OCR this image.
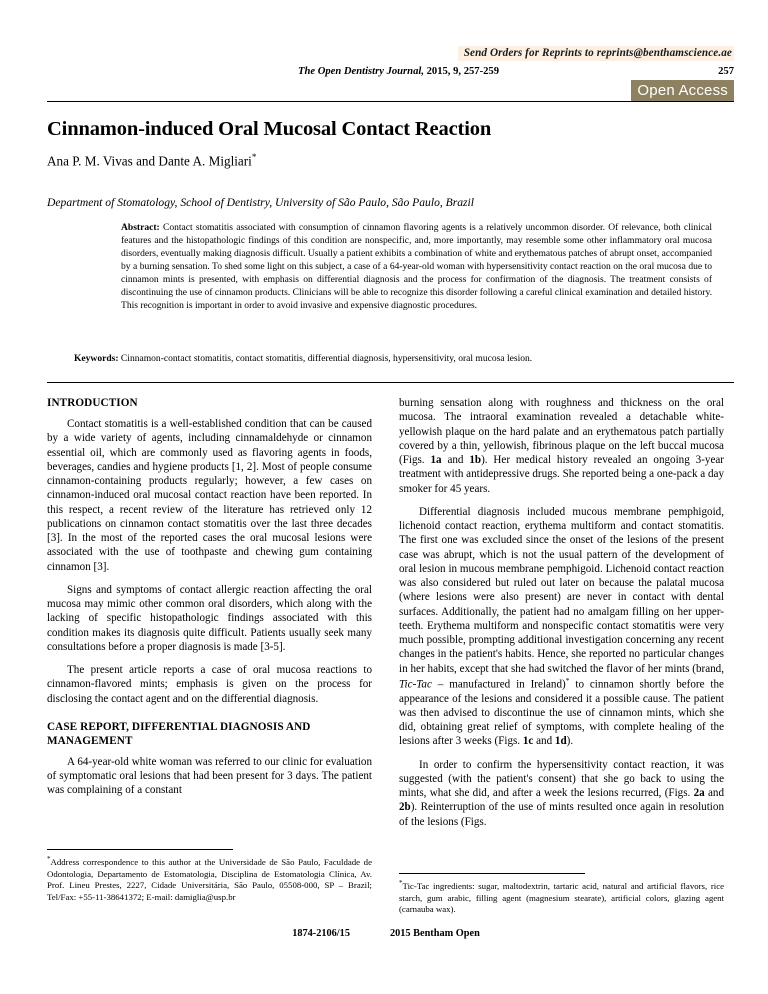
Send Orders for Reprints to reprints@benthamscience.ae
The Open Dentistry Journal, 2015, 9, 257-259	257
Open Access
Cinnamon-induced Oral Mucosal Contact Reaction
Ana P. M. Vivas and Dante A. Migliari*
Department of Stomatology, School of Dentistry, University of São Paulo, São Paulo, Brazil
Abstract: Contact stomatitis associated with consumption of cinnamon flavoring agents is a relatively uncommon disorder. Of relevance, both clinical features and the histopathologic findings of this condition are nonspecific, and, more importantly, may resemble some other inflammatory oral mucosa disorders, eventually making diagnosis difficult. Usually a patient exhibits a combination of white and erythematous patches of abrupt onset, accompanied by a burning sensation. To shed some light on this subject, a case of a 64-year-old woman with hypersensitivity contact reaction on the oral mucosa due to cinnamon mints is presented, with emphasis on differential diagnosis and the process for confirmation of the diagnosis. The treatment consists of discontinuing the use of cinnamon products. Clinicians will be able to recognize this disorder following a careful clinical examination and detailed history. This recognition is important in order to avoid invasive and expensive diagnostic procedures.
Keywords: Cinnamon-contact stomatitis, contact stomatitis, differential diagnosis, hypersensitivity, oral mucosa lesion.
INTRODUCTION

Contact stomatitis is a well-established condition that can be caused by a wide variety of agents, including cinnamaldehyde or cinnamon essential oil, which are commonly used as flavoring agents in foods, beverages, candies and hygiene products [1, 2]. Most of people consume cinnamon-containing products regularly; however, a few cases on cinnamon-induced oral mucosal contact reaction have been reported. In this respect, a recent review of the literature has retrieved only 12 publications on cinnamon contact stomatitis over the last three decades [3]. In the most of the reported cases the oral mucosal lesions were associated with the use of toothpaste and chewing gum containing cinnamon [3].

Signs and symptoms of contact allergic reaction affecting the oral mucosa may mimic other common oral disorders, which along with the lacking of specific histopathologic findings associated with this condition makes its diagnosis quite difficult. Patients usually seek many consultations before a proper diagnosis is made [3-5].

The present article reports a case of oral mucosa reactions to cinnamon-flavored mints; emphasis is given on the process for disclosing the contact agent and on the differential diagnosis.

CASE REPORT, DIFFERENTIAL DIAGNOSIS AND MANAGEMENT

A 64-year-old white woman was referred to our clinic for evaluation of symptomatic oral lesions that had been present for 3 days. The patient was complaining of a constant

burning sensation along with roughness and thickness on the oral mucosa. The intraoral examination revealed a detachable white-yellowish plaque on the hard palate and an erythematous patch partially covered by a thin, yellowish, fibrinous plaque on the left buccal mucosa (Figs. 1a and 1b). Her medical history revealed an ongoing 3-year treatment with antidepressive drugs. She reported being a one-pack a day smoker for 45 years.

Differential diagnosis included mucous membrane pemphigoid, lichenoid contact reaction, erythema multiform and contact stomatitis. The first one was excluded since the onset of the lesions of the present case was abrupt, which is not the usual pattern of the development of oral lesion in mucous membrane pemphigoid. Lichenoid contact reaction was also considered but ruled out later on because the palatal mucosa (where lesions were also present) are never in contact with dental surfaces. Additionally, the patient had no amalgam filling on her upper-teeth. Erythema multiform and nonspecific contact stomatitis were very much possible, prompting additional investigation concerning any recent changes in the patient's habits. Hence, she reported no particular changes in her habits, except that she had switched the flavor of her mints (brand, Tic-Tac – manufactured in Ireland)* to cinnamon shortly before the appearance of the lesions and considered it a possible cause. The patient was then advised to discontinue the use of cinnamon mints, which she did, obtaining great relief of symptoms, with complete healing of the lesions after 3 weeks (Figs. 1c and 1d).

In order to confirm the hypersensitivity contact reaction, it was suggested (with the patient's consent) that she go back to using the mints, what she did, and after a week the lesions recurred, (Figs. 2a and 2b). Reinterruption of the use of mints resulted once again in resolution of the lesions (Figs.

*Address correspondence to this author at the Universidade de São Paulo, Faculdade de Odontologia, Departamento de Estomatologia, Disciplina de Estomatologia Clínica, Av. Prof. Lineu Prestes, 2227, Cidade Universitária, São Paulo, 05508-000, SP – Brazil; Tel/Fax: +55-11-38641372; E-mail: damiglia@usp.br
*Tic-Tac ingredients: sugar, maltodextrin, tartaric acid, natural and artificial flavors, rice starch, gum arabic, filling agent (magnesium stearate), artificial colors, glazing agent (carnauba wax).
1874-2106/15	2015 Bentham Open
